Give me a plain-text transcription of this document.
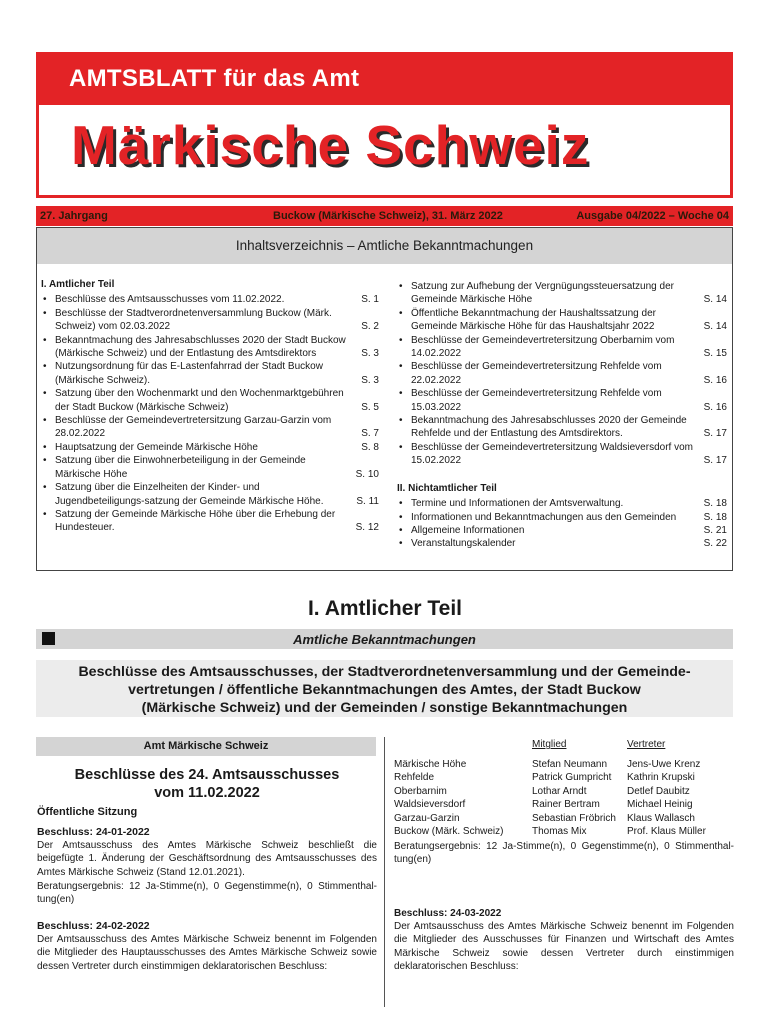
AMTSBLATT für das Amt
Märkische Schweiz
27. Jahrgang	Buckow (Märkische Schweiz), 31. März 2022	Ausgabe 04/2022 – Woche 04
Inhaltsverzeichnis – Amtliche Bekanntmachungen
I. Amtlicher Teil
• Beschlüsse des Amtsausschusses vom 11.02.2022.	S. 1
• Beschlüsse der Stadtverordnetenversammlung Buckow (Märk. Schweiz) vom 02.03.2022	S. 2
• Bekanntmachung des Jahresabschlusses 2020 der Stadt Buckow (Märkische Schweiz) und der Entlastung des Amtsdirektors	S. 3
• Nutzungsordnung für das E-Lastenfahrrad der Stadt Buckow (Märkische Schweiz).	S. 3
• Satzung über den Wochenmarkt und den Wochenmarktgebühren der Stadt Buckow (Märkische Schweiz)	S. 5
• Beschlüsse der Gemeindevertretersitzung Garzau-Garzin vom 28.02.2022	S. 7
• Hauptsatzung der Gemeinde Märkische Höhe	S. 8
• Satzung über die Einwohnerbeteiligung in der Gemeinde Märkische Höhe	S. 10
• Satzung über die Einzelheiten der Kinder- und Jugendbeteiligungs-satzung der Gemeinde Märkische Höhe.	S. 11
• Satzung der Gemeinde Märkische Höhe über die Erhebung der Hundesteuer.	S. 12
• Satzung zur Aufhebung der Vergnügungssteuersatzung der Gemeinde Märkische Höhe	S. 14
• Öffentliche Bekanntmachung der Haushaltssatzung der Gemeinde Märkische Höhe für das Haushaltsjahr 2022	S. 14
• Beschlüsse der Gemeindevertretersitzung Oberbarnim vom 14.02.2022	S. 15
• Beschlüsse der Gemeindevertretersitzung Rehfelde vom 22.02.2022	S. 16
• Beschlüsse der Gemeindevertretersitzung Rehfelde vom 15.03.2022	S. 16
• Bekanntmachung des Jahresabschlusses 2020 der Gemeinde Rehfelde und der Entlastung des Amtsdirektors.	S. 17
• Beschlüsse der Gemeindevertretersitzung Waldsieversdorf vom 15.02.2022	S. 17
II. Nichtamtlicher Teil
• Termine und Informationen der Amtsverwaltung.	S. 18
• Informationen und Bekanntmachungen aus den Gemeinden	S. 18
• Allgemeine Informationen	S. 21
• Veranstaltungskalender	S. 22
I. Amtlicher Teil
Amtliche Bekanntmachungen
Beschlüsse des Amtsausschusses, der Stadtverordnetenversammlung und der Gemeinde-
vertretungen / öffentliche Bekanntmachungen des Amtes, der Stadt Buckow
(Märkische Schweiz) und der Gemeinden / sonstige Bekanntmachungen
Amt Märkische Schweiz
Beschlüsse des 24. Amtsausschusses
vom 11.02.2022
Öffentliche Sitzung
Beschluss: 24-01-2022
Der Amtsausschuss des Amtes Märkische Schweiz beschließt die beigefügte 1. Änderung der Geschäftsordnung des Amtsausschusses des Amtes Märkische Schweiz (Stand 12.01.2021).
Beratungsergebnis: 12 Ja-Stimme(n), 0 Gegenstimme(n), 0 Stimmenthal-tung(en)
Beschluss: 24-02-2022
Der Amtsausschuss des Amtes Märkische Schweiz benennt im Folgenden die Mitglieder des Hauptausschusses des Amtes Märkische Schweiz sowie dessen Vertreter durch einstimmigen deklaratorischen Beschluss:
	Mitglied	Vertreter
Märkische Höhe	Stefan Neumann	Jens-Uwe Krenz
Rehfelde	Patrick Gumpricht	Kathrin Krupski
Oberbarnim	Lothar Arndt	Detlef Daubitz
Waldsieversdorf	Rainer Bertram	Michael Heinig
Garzau-Garzin	Sebastian Fröbrich	Klaus Wallasch
Buckow (Märk. Schweiz)	Thomas Mix	Prof. Klaus Müller
Beratungsergebnis: 12 Ja-Stimme(n), 0 Gegenstimme(n), 0 Stimmenthal-tung(en)
Beschluss: 24-03-2022
Der Amtsausschuss des Amtes Märkische Schweiz benennt im Folgenden die Mitglieder des Ausschusses für Finanzen und Wirtschaft des Amtes Märkische Schweiz sowie dessen Vertreter durch einstimmigen deklaratorischen Beschluss:
